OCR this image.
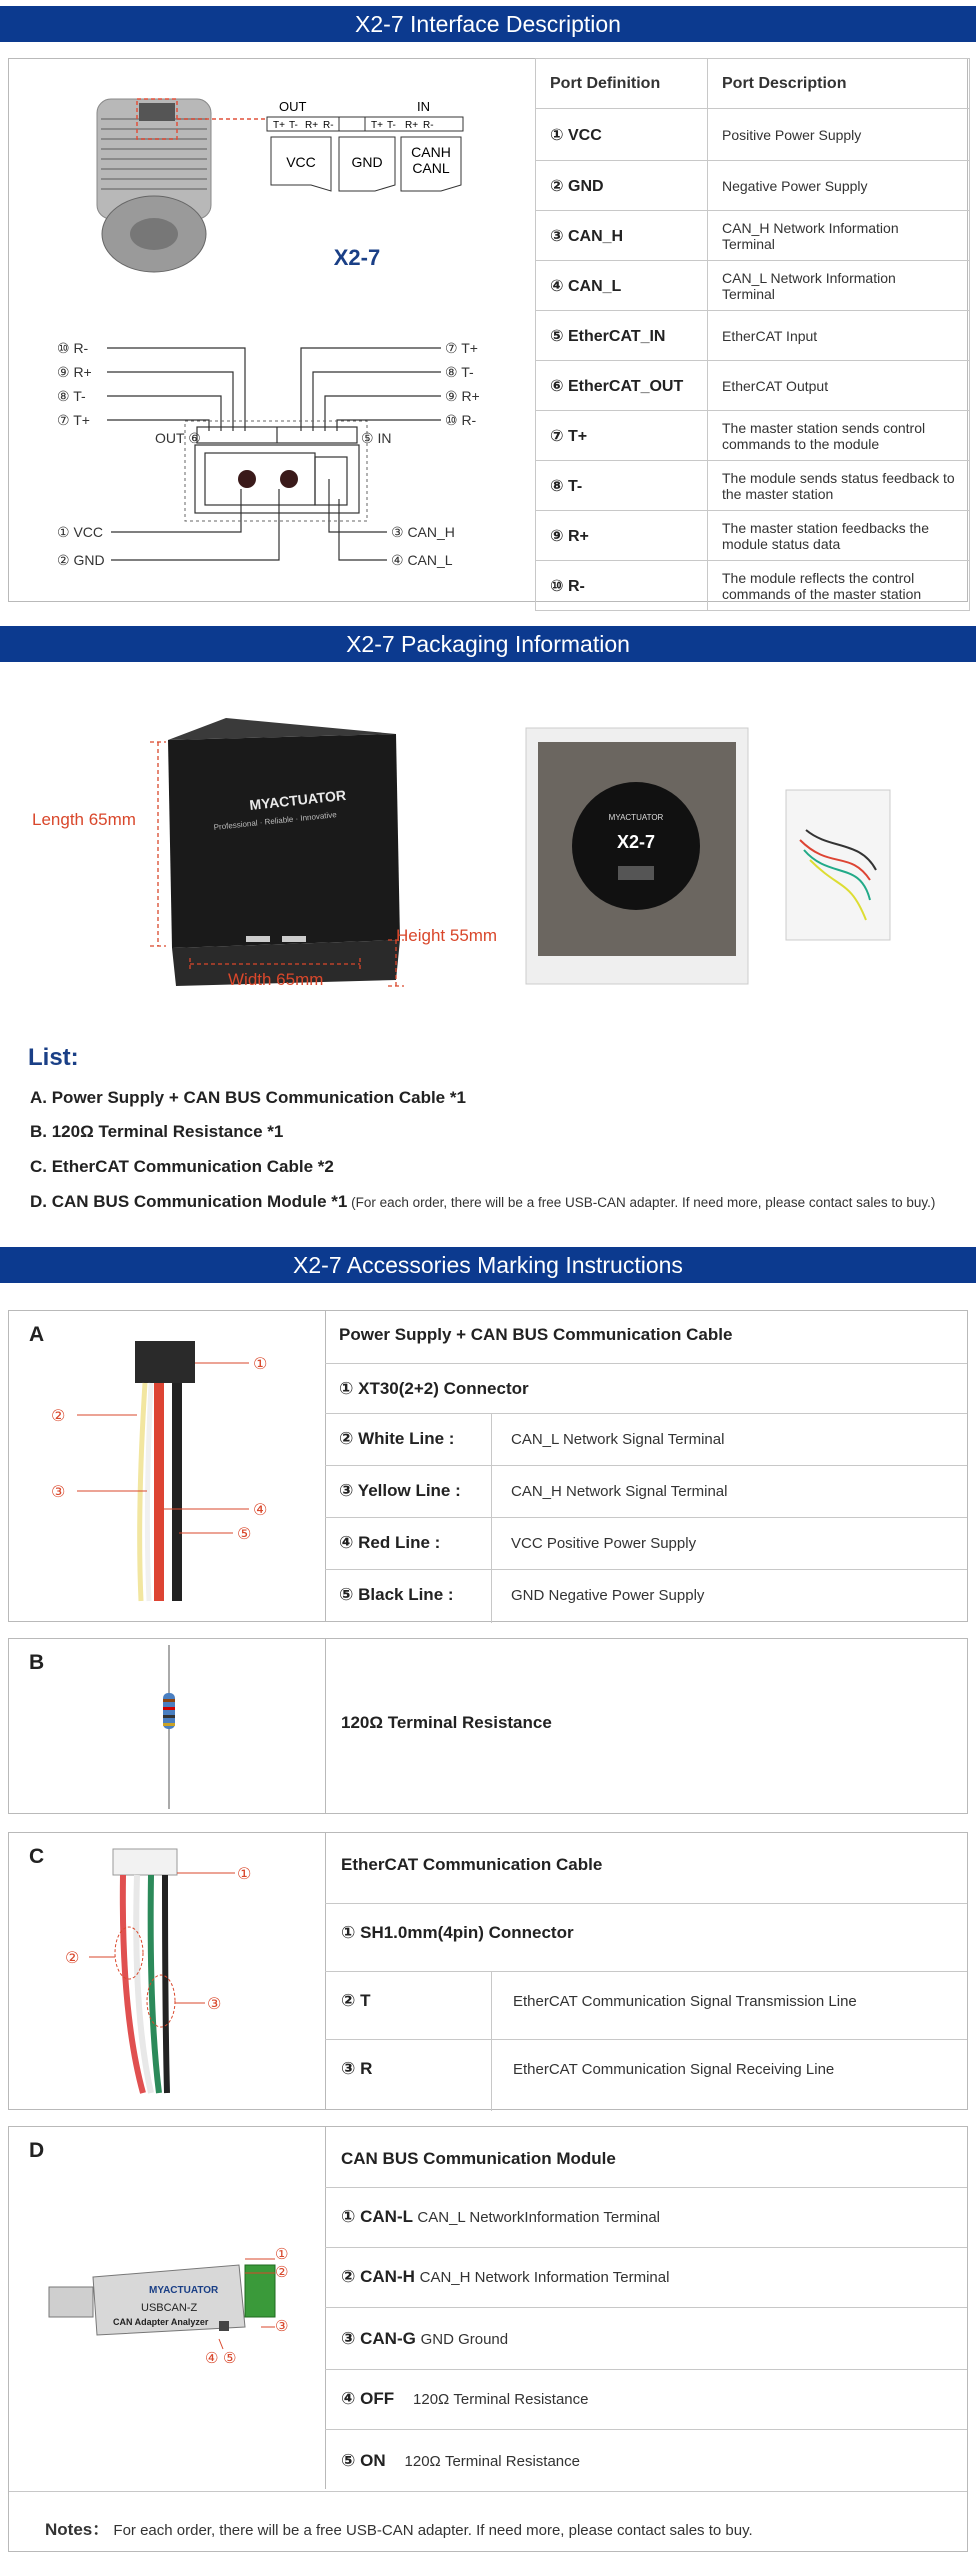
X2-7 Interface Description
OUT	IN
T+ T- R+ R-	T+ T- R+ R-
VCC	GND
CANH
CANL
X2-7
⑩ R-
⑨ R+
⑧ T-
⑦ T+
⑦ T+
⑧ T-
⑨ R+
⑩ R-
OUT ⑥	⑤ IN
① VCC
② GND
③ CAN_H
④ CAN_L
Port Definition	Port Description
① VCC	Positive Power Supply
② GND	Negative Power Supply
③ CAN_H	CAN_H Network Information Terminal
④ CAN_L	CAN_L Network Information Terminal
⑤ EtherCAT_IN	EtherCAT Input
⑥ EtherCAT_OUT	EtherCAT Output
⑦ T+	The master station sends control commands to the module
⑧ T-	The module sends status feedback to the master station
⑨ R+	The master station feedbacks the module status data
⑩ R-	The module reflects the control commands of the master station
X2-7 Packaging Information
MYACTUATOR
Professional · Reliable · Innovative	MYACTUATOR
X2-7
Length 65mm
Height 55mm
Width 65mm
List:
A. Power Supply + CAN BUS Communication Cable *1
B. 120Ω Terminal Resistance *1
C. EtherCAT Communication Cable *2
D. CAN BUS Communication Module *1 (For each order, there will be a free USB-CAN adapter. If need more, please contact sales to buy.)
X2-7 Accessories Marking Instructions
A
①
②
③
④
⑤
Power Supply + CAN BUS Communication Cable
① XT30(2+2) Connector
② White Line :	CAN_L Network Signal Terminal
③ Yellow Line :	CAN_H Network Signal Terminal
④ Red Line :	VCC Positive Power Supply
⑤ Black Line :	GND Negative Power Supply
B
120Ω Terminal Resistance
C
①
②
③
EtherCAT Communication Cable
① SH1.0mm(4pin) Connector
② T	EtherCAT Communication Signal Transmission Line
③ R	EtherCAT Communication Signal Receiving Line
D
MYACTUATOR
USBCAN-Z
CAN Adapter Analyzer
①
②
③
④ ⑤
CAN BUS Communication Module
① CAN-L CAN_L NetworkInformation Terminal
② CAN-H CAN_H Network Information Terminal
③ CAN-G GND Ground
④ OFF 120Ω Terminal Resistance
⑤ ON 120Ω Terminal Resistance
Notes： For each order, there will be a free USB-CAN adapter. If need more, please contact sales to buy.
